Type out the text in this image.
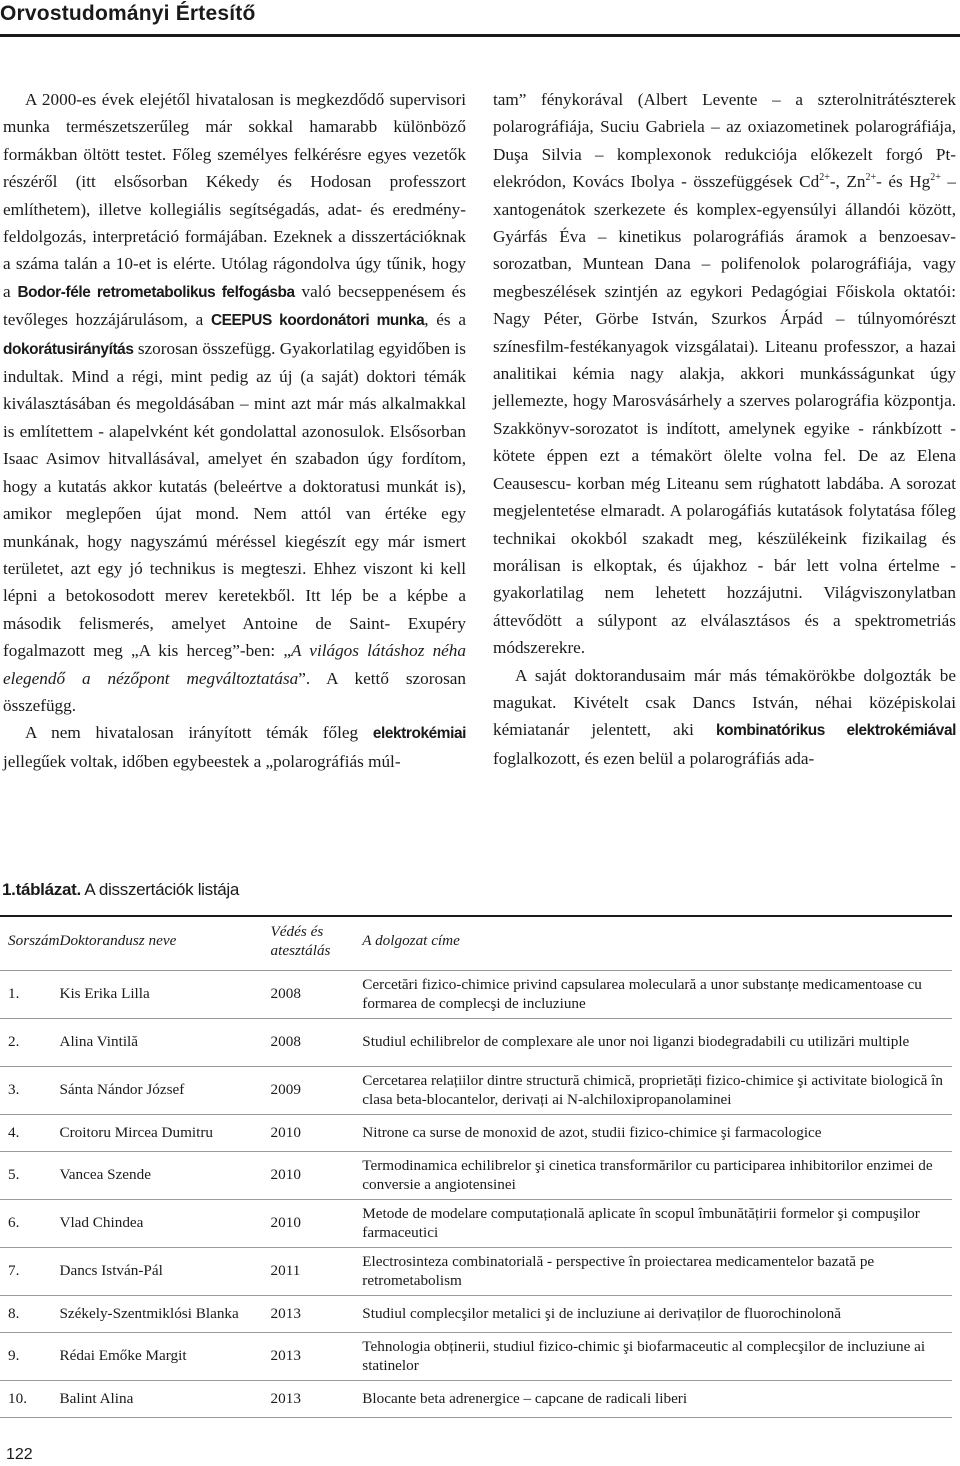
Orvostudományi Értesítő

A 2000-es évek elejétől hivatalosan is megkezdődő supervisori munka természetszerűleg már sokkal hamarabb különböző formákban öltött testet. Főleg személyes felkérésre egyes vezetők részéről (itt elsősorban Kékedy és Hodosan professzort említhetem), illetve kollegiális segítségadás, adat- és eredmény-feldolgozás, interpretáció formájában. Ezeknek a disszertációknak a száma talán a 10-et is elérte. Utólag rágondolva úgy tűnik, hogy a Bodor-féle retrometabolikus felfogásba való becseppenésem és tevőleges hozzájárulásom, a CEEPUS koordonátori munka, és a dokorátusirányítás szorosan összefügg. Gyakorlatilag egyidőben is indultak. Mind a régi, mint pedig az új (a saját) doktori témák kiválasztásában és megoldásában – mint azt már más alkalmakkal is említettem - alapelvként két gondolattal azonosulok. Elsősorban Isaac Asimov hitvallásával, amelyet én szabadon úgy fordítom, hogy a kutatás akkor kutatás (beleértve a doktoratusi munkát is), amikor meglepően újat mond. Nem attól van értéke egy munkának, hogy nagyszámú méréssel kiegészít egy már ismert területet, azt egy jó technikus is megteszi. Ehhez viszont ki kell lépni a betokosodott merev keretekből. Itt lép be a képbe a második felismerés, amelyet Antoine de Saint- Exupéry fogalmazott meg „A kis herceg”-ben: „A világos látáshoz néha elegendő a nézőpont megváltoztatása”. A kettő szorosan összefügg.

A nem hivatalosan irányított témák főleg elektrokémiai jellegűek voltak, időben egybeestek a „polarográfiás múl-

tam” fénykorával (Albert Levente – a szterolnitrátészterek polarográfiája, Suciu Gabriela – az oxiazometinek polarográfiája, Duşa Silvia – komplexonok redukciója előkezelt forgó Pt- elekródon, Kovács Ibolya - összefüggések $Cd^{2+}-$, $Zn^{2+}-$ és $Hg^{2+}$ –xantogenátok szerkezete és komplex-egyensúlyi állandói között, Gyárfás Éva – kinetikus polarográfiás áramok a benzoesav-sorozatban, Muntean Dana – polifenolok polarográfiája, vagy megbeszélések szintjén az egykori Pedagógiai Főiskola oktatói: Nagy Péter, Görbe István, Szurkos Árpád – túlnyomórészt színesfilm-festékanyagok vizsgálatai). Liteanu professzor, a hazai analitikai kémia nagy alakja, akkori munkásságunkat úgy jellemezte, hogy Marosvásárhely a szerves polarográfia központja. Szakkönyv-sorozatot is indított, amelynek egyike - ránkbízott - kötete éppen ezt a témakört ölelte volna fel. De az Elena Ceausescu- korban még Liteanu sem rúghatott labdába. A sorozat megjelentetése elmaradt. A polarogáfiás kutatások folytatása főleg technikai okokból szakadt meg, készülékeink fizikailag és morálisan is elkoptak, és újakhoz - bár lett volna értelme - gyakorlatilag nem lehetett hozzájutni. Világviszonylatban áttevődött a súlypont az elválasztásos és a spektrometriás módszerekre.

A saját doktorandusaim már más témakörökbe dolgozták be magukat. Kivételt csak Dancs István, néhai középiskolai kémiatanár jelentett, aki kombinatórikus elektrokémiával foglalkozott, és ezen belül a polarográfiás ada-

1.táblázat. A disszertációk listája
Sorszám	Doktorandusz neve	Védés és atesztálás	A dolgozat címe
1.	Kis Erika Lilla	2008	Cercetări fizico-chimice privind capsularea moleculară a unor substanțe medicamentoase cu formarea de complecşi de incluziune
2.	Alina Vintilă	2008	Studiul echilibrelor de complexare ale unor noi liganzi biodegradabili cu utilizări multiple
3.	Sánta Nándor József	2009	Cercetarea relațiilor dintre structură chimică, proprietăți fizico-chimice şi activitate biologică în clasa beta-blocantelor, derivați ai N-alchiloxipropanolaminei
4.	Croitoru Mircea Dumitru	2010	Nitrone ca surse de monoxid de azot, studii fizico-chimice şi farmacologice
5.	Vancea Szende	2010	Termodinamica echilibrelor şi cinetica transformărilor cu participarea inhibitorilor enzimei de conversie a angiotensinei
6.	Vlad Chindea	2010	Metode de modelare computațională aplicate în scopul îmbunătățirii formelor şi compuşilor farmaceutici
7.	Dancs István-Pál	2011	Electrosinteza combinatorială - perspective în proiectarea medicamentelor bazată pe retrometabolism
8.	Székely-Szentmiklósi Blanka	2013	Studiul complecşilor metalici şi de incluziune ai derivaților de fluorochinolonă
9.	Rédai Emőke Margit	2013	Tehnologia obținerii, studiul fizico-chimic şi biofarmaceutic al complecşilor de incluziune ai statinelor
10.	Balint Alina	2013	Blocante beta adrenergice – capcane de radicali liberi
122
